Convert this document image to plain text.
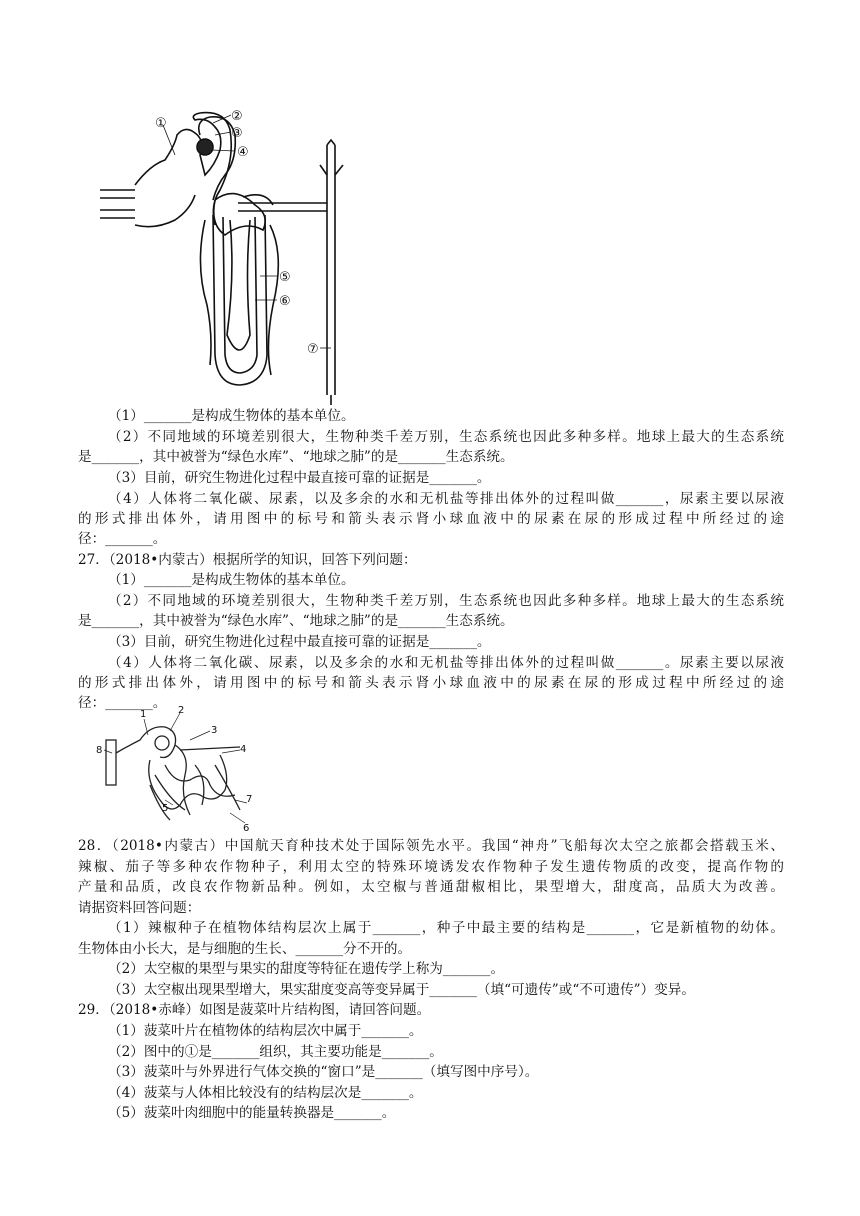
①	②
③
④
⑤
⑥
⑦
（1）_______是构成生物体的基本单位。
（2）不同地域的环境差别很大，生物种类千差万别，生态系统也因此多种多样。地球上最大的生态系统
是_______，其中被誉为“绿色水库”、“地球之肺”的是_______生态系统。
（3）目前，研究生物进化过程中最直接可靠的证据是_______。
（4）人体将二氧化碳、尿素，以及多余的水和无机盐等排出体外的过程叫做_______，尿素主要以尿液
的形式排出体外，请用图中的标号和箭头表示肾小球血液中的尿素在尿的形成过程中所经过的途
径：_______。
27．（2018•内蒙古）根据所学的知识，回答下列问题：
（1）_______是构成生物体的基本单位。
（2）不同地域的环境差别很大，生物种类千差万别，生态系统也因此多种多样。地球上最大的生态系统
是_______，其中被誉为“绿色水库”、“地球之肺”的是_______生态系统。
（3）目前，研究生物进化过程中最直接可靠的证据是_______。
（4）人体将二氧化碳、尿素，以及多余的水和无机盐等排出体外的过程叫做_______。尿素主要以尿液
的形式排出体外，请用图中的标号和箭头表示肾小球血液中的尿素在尿的形成过程中所经过的途
径：_______。
1	2
3
4
5
6
7
8
28．（2018•内蒙古）中国航天育种技术处于国际领先水平。我国“神舟”飞船每次太空之旅都会搭载玉米、
辣椒、茄子等多种农作物种子，利用太空的特殊环境诱发农作物种子发生遗传物质的改变，提高作物的
产量和品质，改良农作物新品种。例如，太空椒与普通甜椒相比，果型增大，甜度高，品质大为改善。
请据资料回答问题：
（1）辣椒种子在植物体结构层次上属于_______，种子中最主要的结构是_______，它是新植物的幼体。
生物体由小长大，是与细胞的生长、_______分不开的。
（2）太空椒的果型与果实的甜度等特征在遗传学上称为_______。
（3）太空椒出现果型增大，果实甜度变高等变异属于_______（填“可遗传”或“不可遗传”）变异。
29．（2018•赤峰）如图是菠菜叶片结构图，请回答问题。
（1）菠菜叶片在植物体的结构层次中属于_______。
（2）图中的①是_______组织，其主要功能是_______。
（3）菠菜叶与外界进行气体交换的“窗口”是_______（填写图中序号）。
（4）菠菜与人体相比较没有的结构层次是_______。
（5）菠菜叶肉细胞中的能量转换器是_______。
